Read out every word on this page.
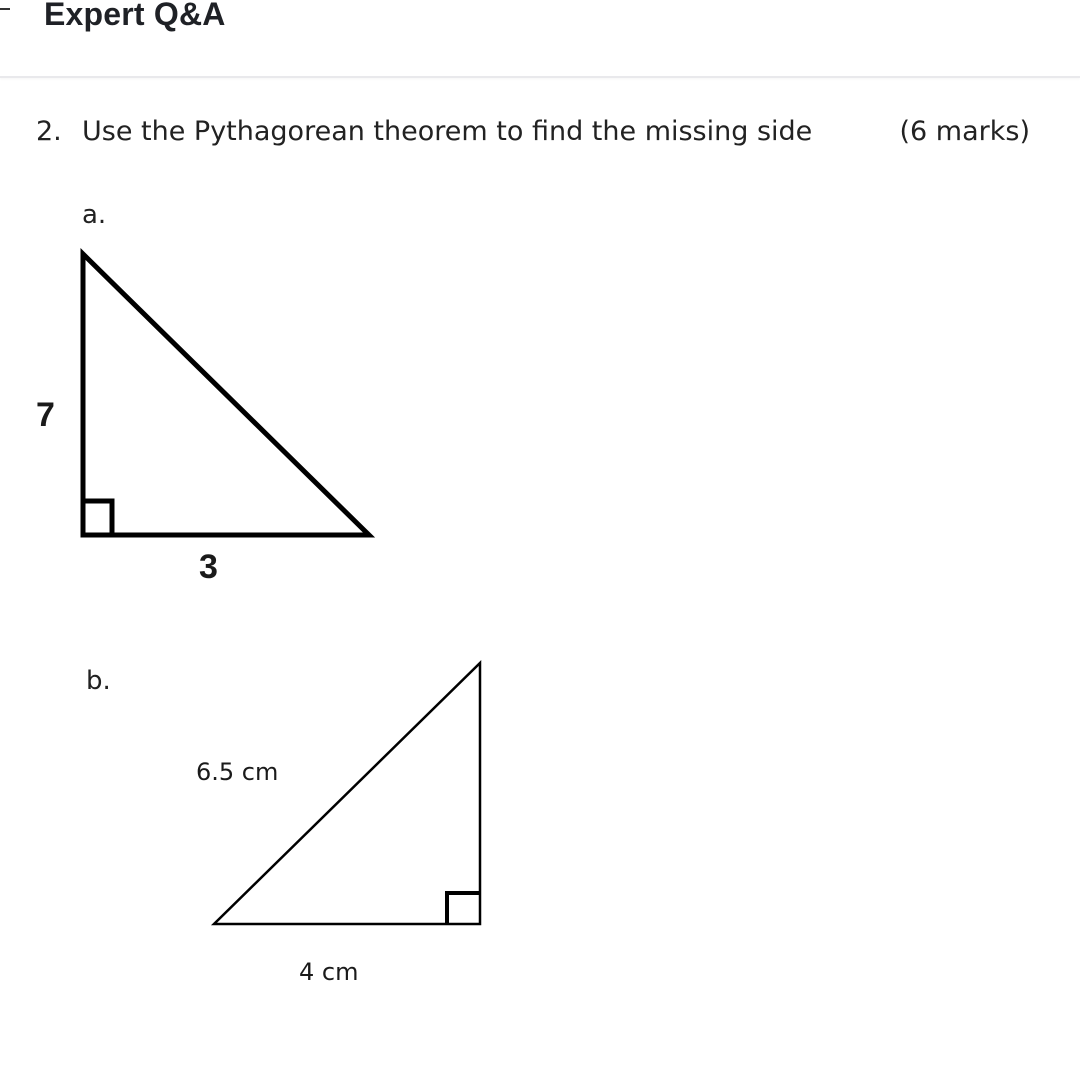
Expert Q&A
2. Use the Pythagorean theorem to find the missing side	(6 marks)
a.
7
3
b.
6.5 cm
4 cm
